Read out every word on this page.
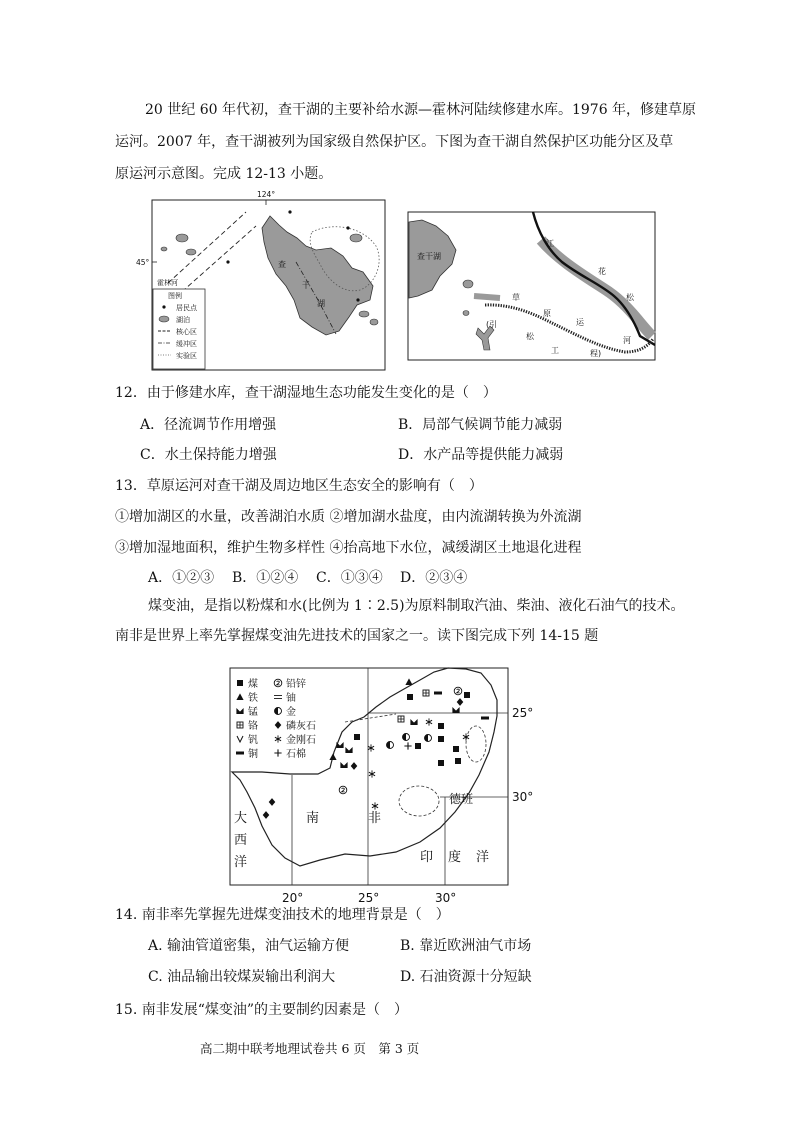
20 世纪 60 年代初，查干湖的主要补给水源—霍林河陆续修建水库。1976 年，修建草原
运河。2007 年，查干湖被列为国家级自然保护区。下图为查干湖自然保护区功能分区及草
原运河示意图。完成 12-13 小题。
124°
45°	查
干
湖
霍林河
图例
居民点
湖泊
核心区
缓冲区
实验区
查干湖
江
花
松
草
原
运
河
(引
松
工	程)
12．由于修建水库，查干湖湿地生态功能发生变化的是（　）
A．径流调节作用增强	B．局部气候调节能力减弱
C．水土保持能力增强	D．水产品等提供能力减弱
13．草原运河对查干湖及周边地区生态安全的影响有（　）
①增加湖区的水量，改善湖泊水质 ②增加湖水盐度，由内流湖转换为外流湖
③增加湿地面积，维护生物多样性 ④抬高地下水位，减缓湖区土地退化进程
A．①②③ B．①②④ C．①③④ D．②③④
煤变油，是指以粉煤和水(比例为 1∶2.5)为原料制取汽油、柴油、液化石油气的技术。
南非是世界上率先掌握煤变油先进技术的国家之一。读下图完成下列 14-15 题
煤
铁
锰
铬
钒
铜
铅锌
铀
金
磷灰石
金刚石
石棉
南	非
德班
印 度 洋
大
西
洋
25°
30°
20°	25°	30°
14. 南非率先掌握先进煤变油技术的地理背景是（　）
A. 输油管道密集，油气运输方便	B. 靠近欧洲油气市场
C. 油品输出较煤炭输出利润大	D. 石油资源十分短缺
15. 南非发展“煤变油”的主要制约因素是（　）
高二期中联考地理试卷共 6 页　第 3 页
